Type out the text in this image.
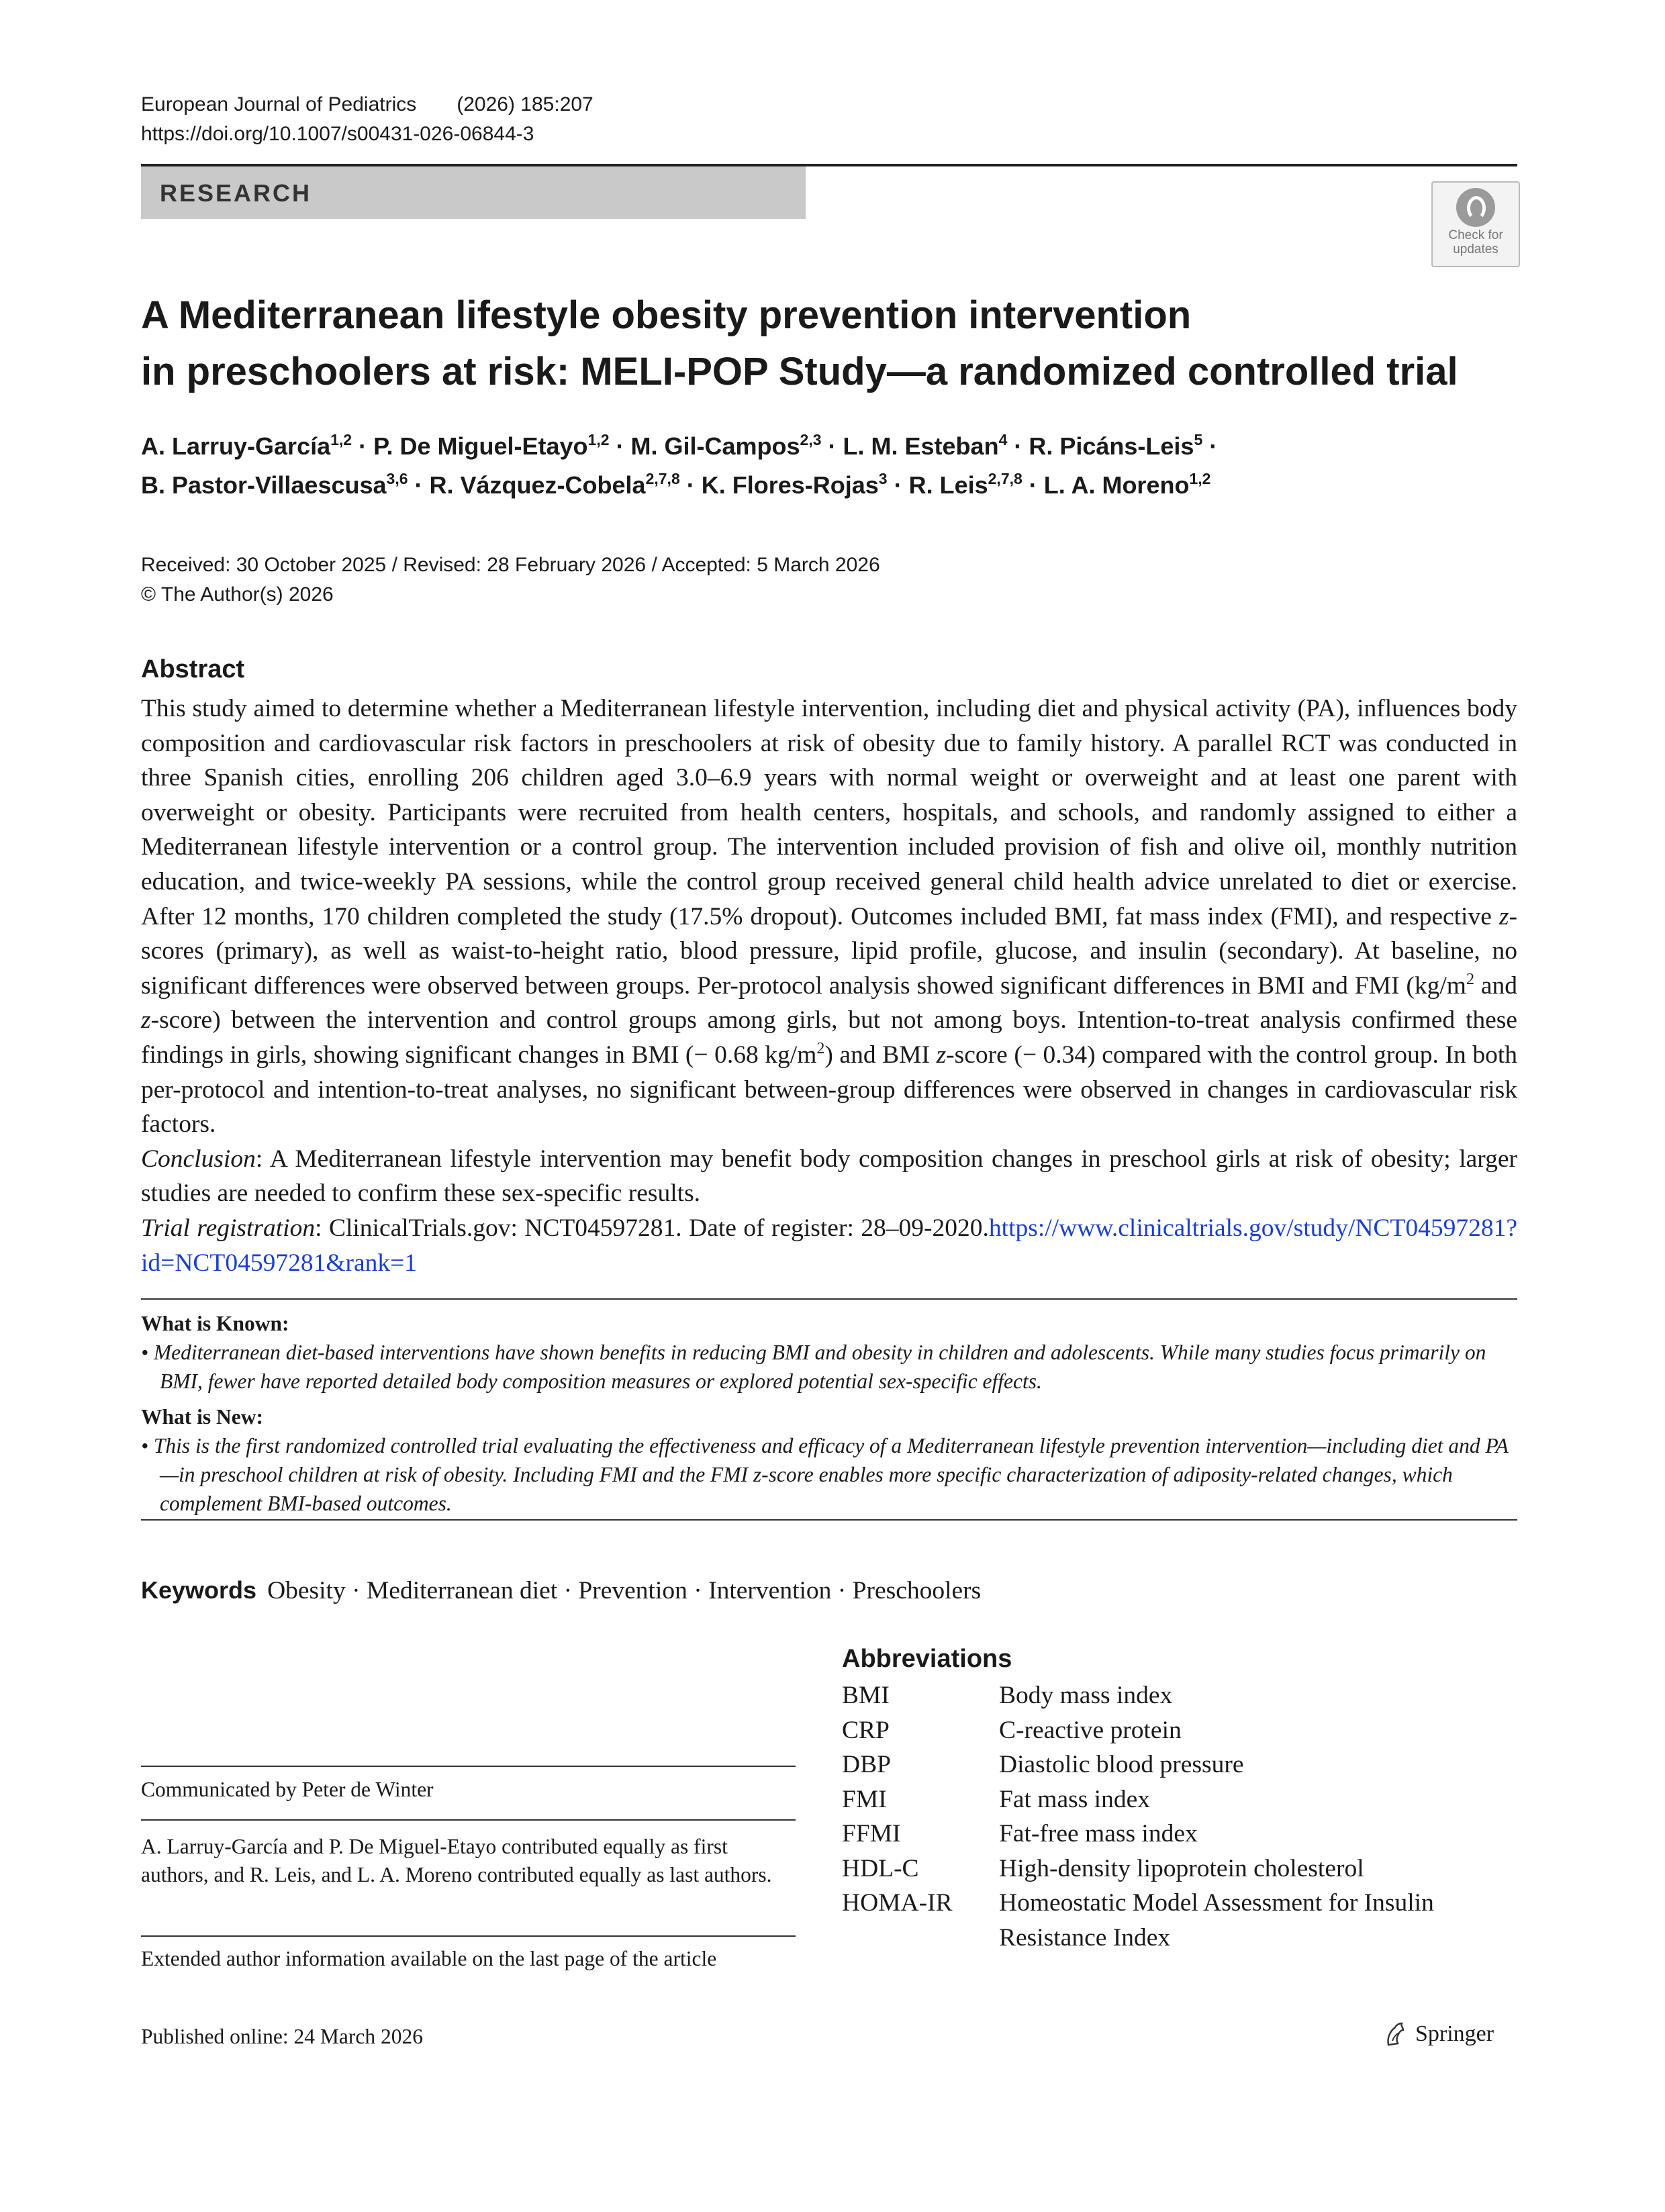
European Journal of Pediatrics (2026) 185:207
https://doi.org/10.1007/s00431-026-06844-3
RESEARCH
Check for
updates
A Mediterranean lifestyle obesity prevention intervention
in preschoolers at risk: MELI-POP Study—a randomized controlled trial
A. Larruy-García$^{1,2}$ · P. De Miguel-Etayo$^{1,2}$ · M. Gil-Campos$^{2,3}$ · L. M. Esteban$^4$ · R. Picáns-Leis$^5$ ·
B. Pastor-Villaescusa$^{3,6}$ · R. Vázquez-Cobela$^{2,7,8}$ · K. Flores-Rojas$^3$ · R. Leis$^{2,7,8}$ · L. A. Moreno$^{1,2}$
Received: 30 October 2025 / Revised: 28 February 2026 / Accepted: 5 March 2026
© The Author(s) 2026
Abstract

This study aimed to determine whether a Mediterranean lifestyle intervention, including diet and physical activity (PA), influences body composition and cardiovascular risk factors in preschoolers at risk of obesity due to family history. A parallel RCT was conducted in three Spanish cities, enrolling 206 children aged 3.0–6.9 years with normal weight or overweight and at least one parent with overweight or obesity. Participants were recruited from health centers, hospitals, and schools, and randomly assigned to either a Mediterranean lifestyle intervention or a control group. The intervention included provision of fish and olive oil, monthly nutrition education, and twice-weekly PA sessions, while the control group received general child health advice unrelated to diet or exercise. After 12 months, 170 children completed the study (17.5% dropout). Outcomes included BMI, fat mass index (FMI), and respective z-scores (primary), as well as waist-to-height ratio, blood pressure, lipid profile, glucose, and insulin (secondary). At baseline, no significant differences were observed between groups. Per-protocol analysis showed significant differences in BMI and FMI ($kg/m^2$ and z-score) between the intervention and control groups among girls, but not among boys. Intention-to-treat analysis confirmed these findings in girls, showing significant changes in BMI (− 0.68 $kg/m^2$) and BMI z-score (− 0.34) compared with the control group. In both per-protocol and intention-to-treat analyses, no significant between-group differences were observed in changes in cardiovascular risk factors.

Conclusion: A Mediterranean lifestyle intervention may benefit body composition changes in preschool girls at risk of obesity; larger studies are needed to confirm these sex-specific results.

Trial registration: ClinicalTrials.gov: NCT04597281. Date of register: 28–09-2020.https://www.clinicaltrials.gov/study/NCT04597281?id=NCT04597281&rank=1

What is Known:
• Mediterranean diet-based interventions have shown benefits in reducing BMI and obesity in children and adolescents. While many studies focus primarily on BMI, fewer have reported detailed body composition measures or explored potential sex-specific effects.
What is New:
• This is the first randomized controlled trial evaluating the effectiveness and efficacy of a Mediterranean lifestyle prevention intervention—including diet and PA—in preschool children at risk of obesity. Including FMI and the FMI z-score enables more specific characterization of adiposity-related changes, which complement BMI-based outcomes.
Keywords Obesity · Mediterranean diet · Prevention · Intervention · Preschoolers
Abbreviations
BMI	Body mass index
CRP	C-reactive protein
DBP	Diastolic blood pressure
FMI	Fat mass index
FFMI	Fat-free mass index
HDL-C	High-density lipoprotein cholesterol
HOMA-IR	Homeostatic Model Assessment for Insulin Resistance Index
Communicated by Peter de Winter
A. Larruy-García and P. De Miguel-Etayo contributed equally as first authors, and R. Leis, and L. A. Moreno contributed equally as last authors.
Extended author information available on the last page of the article
Published online: 24 March 2026	Springer
